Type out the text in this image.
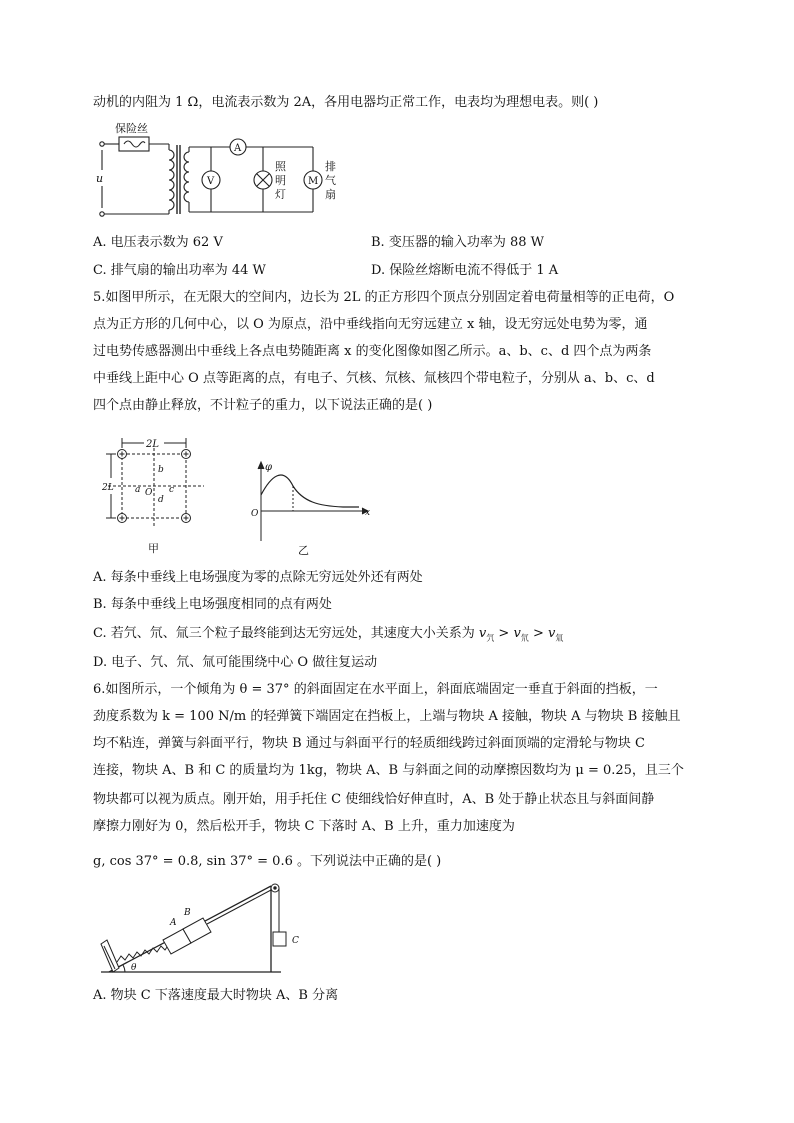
动机的内阻为 1 Ω，电流表示数为 2A，各用电器均正常工作，电表均为理想电表。则( )
保险丝
u
A
V	M
照
明
灯
排
气
扇
A. 电压表示数为 62 V	B. 变压器的输入功率为 88 W
C. 排气扇的输出功率为 44 W	D. 保险丝熔断电流不得低于 1 A
5.如图甲所示，在无限大的空间内，边长为 2L 的正方形四个顶点分别固定着电荷量相等的正电荷，O
点为正方形的几何中心，以 O 为原点，沿中垂线指向无穷远建立 x 轴，设无穷远处电势为零，通
过电势传感器测出中垂线上各点电势随距离 x 的变化图像如图乙所示。a、b、c、d 四个点为两条
中垂线上距中心 O 点等距离的点，有电子、氕核、氘核、氚核四个带电粒子，分别从 a、b、c、d
四个点由静止释放，不计粒子的重力，以下说法正确的是( )
2L
2L a
b
c
d
O
甲
φ
O	x
乙
A. 每条中垂线上电场强度为零的点除无穷远处外还有两处
B. 每条中垂线上电场强度相同的点有两处
C. 若氕、氘、氚三个粒子最终能到达无穷远处，其速度大小关系为 $v_氕 > v_氘 > v_氚$
D. 电子、氕、氘、氚可能围绕中心 O 做往复运动
6.如图所示，一个倾角为 θ = 37° 的斜面固定在水平面上，斜面底端固定一垂直于斜面的挡板，一
劲度系数为 k = 100 N/m 的轻弹簧下端固定在挡板上，上端与物块 A 接触，物块 A 与物块 B 接触且
均不粘连，弹簧与斜面平行，物块 B 通过与斜面平行的轻质细线跨过斜面顶端的定滑轮与物块 C
连接，物块 A、B 和 C 的质量均为 1kg，物块 A、B 与斜面之间的动摩擦因数均为 μ = 0.25，且三个
物块都可以视为质点。刚开始，用手托住 C 使细线恰好伸直时，A、B 处于静止状态且与斜面间静
摩擦力刚好为 0，然后松开手，物块 C 下落时 A、B 上升，重力加速度为
g, cos 37° = 0.8, sin 37° = 0.6 。下列说法中正确的是( )
A
B
C
θ
A. 物块 C 下落速度最大时物块 A、B 分离
